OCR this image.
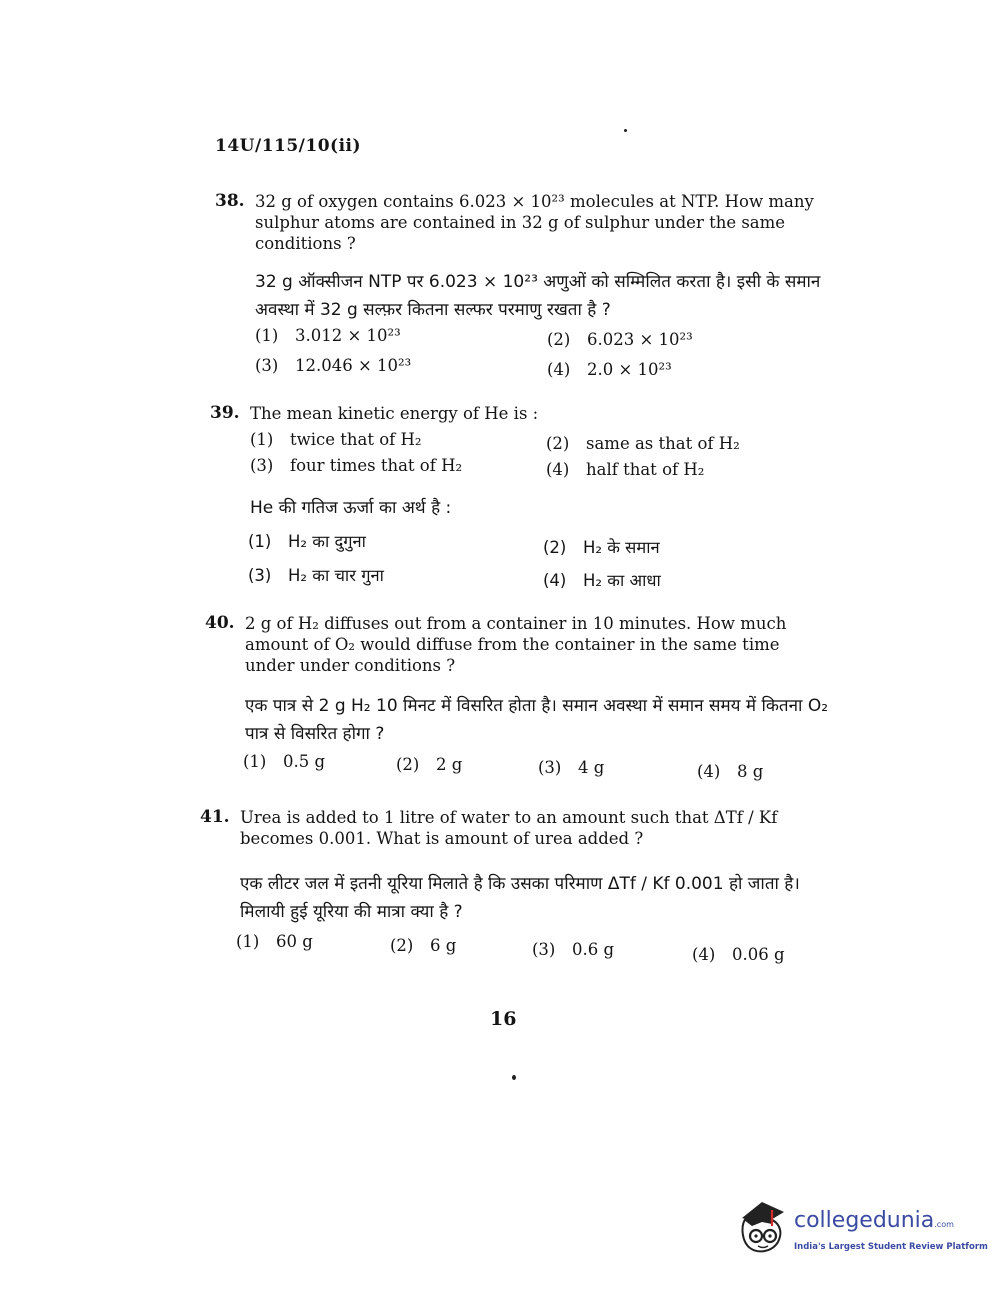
14U/115/10(ii)
38. 32 g of oxygen contains 6.023 × 10²³ molecules at NTP. How many sulphur atoms are contained in 32 g of sulphur under the same conditions ?
32 g ऑक्सीजन NTP पर 6.023 × 10²³ अणुओं को सम्मिलित करता है। इसी के समान अवस्था में 32 g सल्फ़र कितना सल्फर परमाणु रखता है ?
(1) 3.012 × 10²³	(2) 6.023 × 10²³
(3) 12.046 × 10²³	(4) 2.0 × 10²³
39. The mean kinetic energy of He is :
(1) twice that of H₂	(2) same as that of H₂
(3) four times that of H₂	(4) half that of H₂
He की गतिज ऊर्जा का अर्थ है :
(1) H₂ का दुगुना	(2) H₂ के समान
(3) H₂ का चार गुना	(4) H₂ का आधा
40. 2 g of H₂ diffuses out from a container in 10 minutes. How much amount of O₂ would diffuse from the container in the same time under under conditions ?
एक पात्र से 2 g H₂ 10 मिनट में विसरित होता है। समान अवस्था में समान समय में कितना O₂ पात्र से विसरित होगा ?
(1) 0.5 g	(2) 2 g	(3) 4 g	(4) 8 g
41. Urea is added to 1 litre of water to an amount such that ΔTf / Kf becomes 0.001. What is amount of urea added ?
एक लीटर जल में इतनी यूरिया मिलाते है कि उसका परिमाण ΔTf / Kf 0.001 हो जाता है। मिलायी हुई यूरिया की मात्रा क्या है ?
(1) 60 g	(2) 6 g	(3) 0.6 g	(4) 0.06 g
16
collegedunia.com
India's Largest Student Review Platform
